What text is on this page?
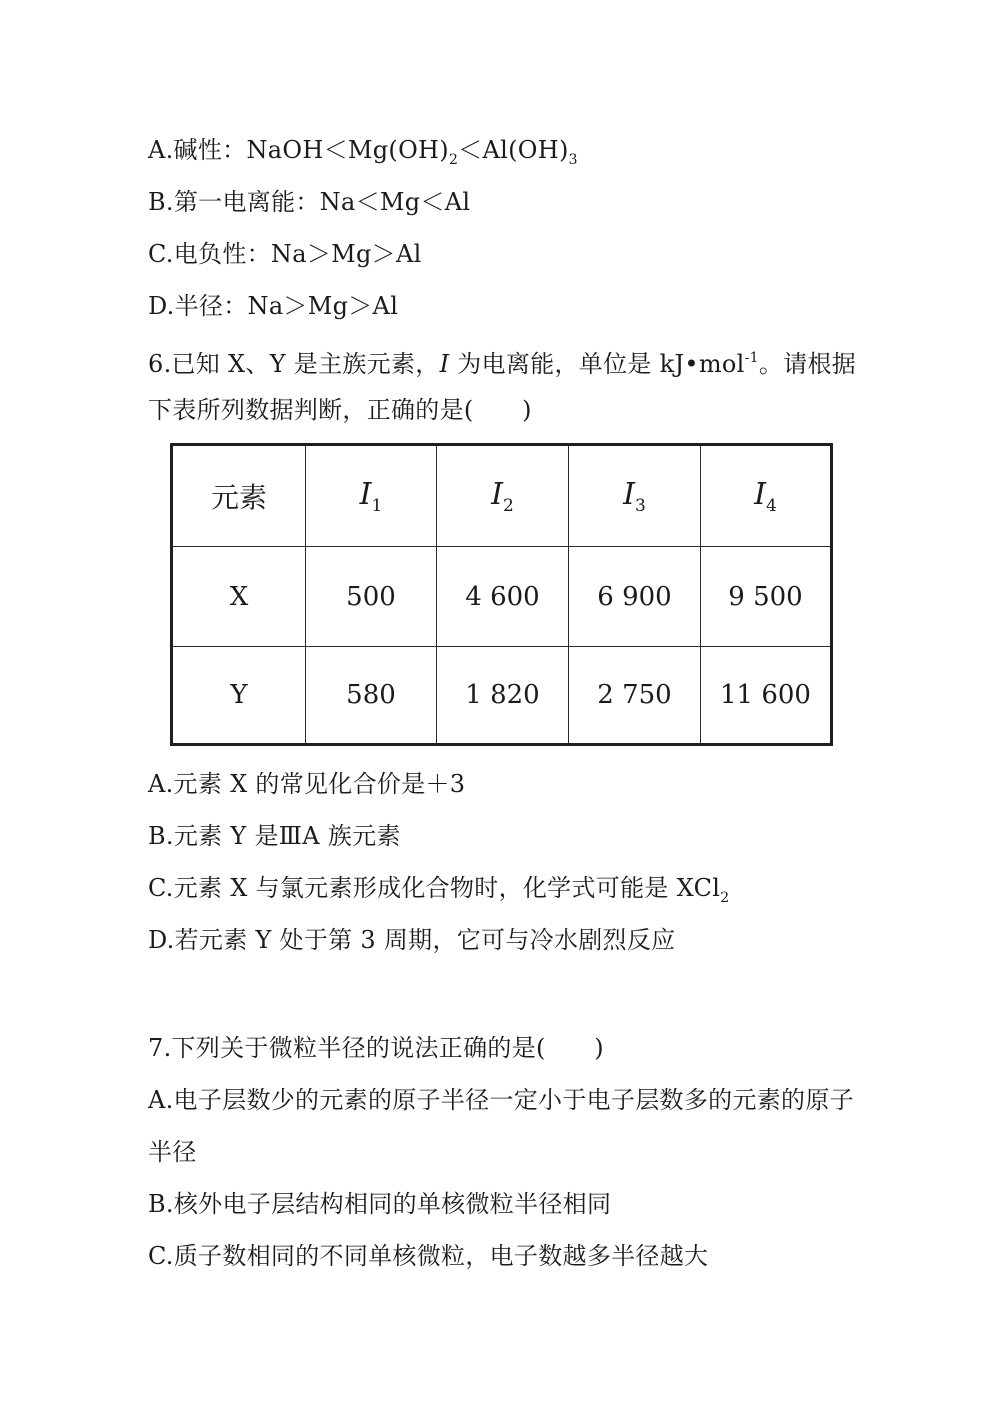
A.碱性：$NaOH<Mg(OH)_2<Al(OH)_3$
B.第一电离能：Na＜Mg＜Al
C.电负性：Na＞Mg＞Al
D.半径：Na＞Mg＞Al
6.已知 X、Y 是主族元素，I 为电离能，单位是 kJ•mol$^{-1}$。请根据
下表所列数据判断，正确的是(　　)
元素	$I_1$	$I_2$	$I_3$	$I_4$
X	500	4 600	6 900	9 500
Y	580	1 820	2 750	11 600
A.元素 X 的常见化合价是＋3
B.元素 Y 是ⅢA 族元素
C.元素 X 与氯元素形成化合物时，化学式可能是 XCl$_2$
D.若元素 Y 处于第 3 周期，它可与冷水剧烈反应
7.下列关于微粒半径的说法正确的是(　　)
A.电子层数少的元素的原子半径一定小于电子层数多的元素的原子
半径
B.核外电子层结构相同的单核微粒半径相同
C.质子数相同的不同单核微粒，电子数越多半径越大
